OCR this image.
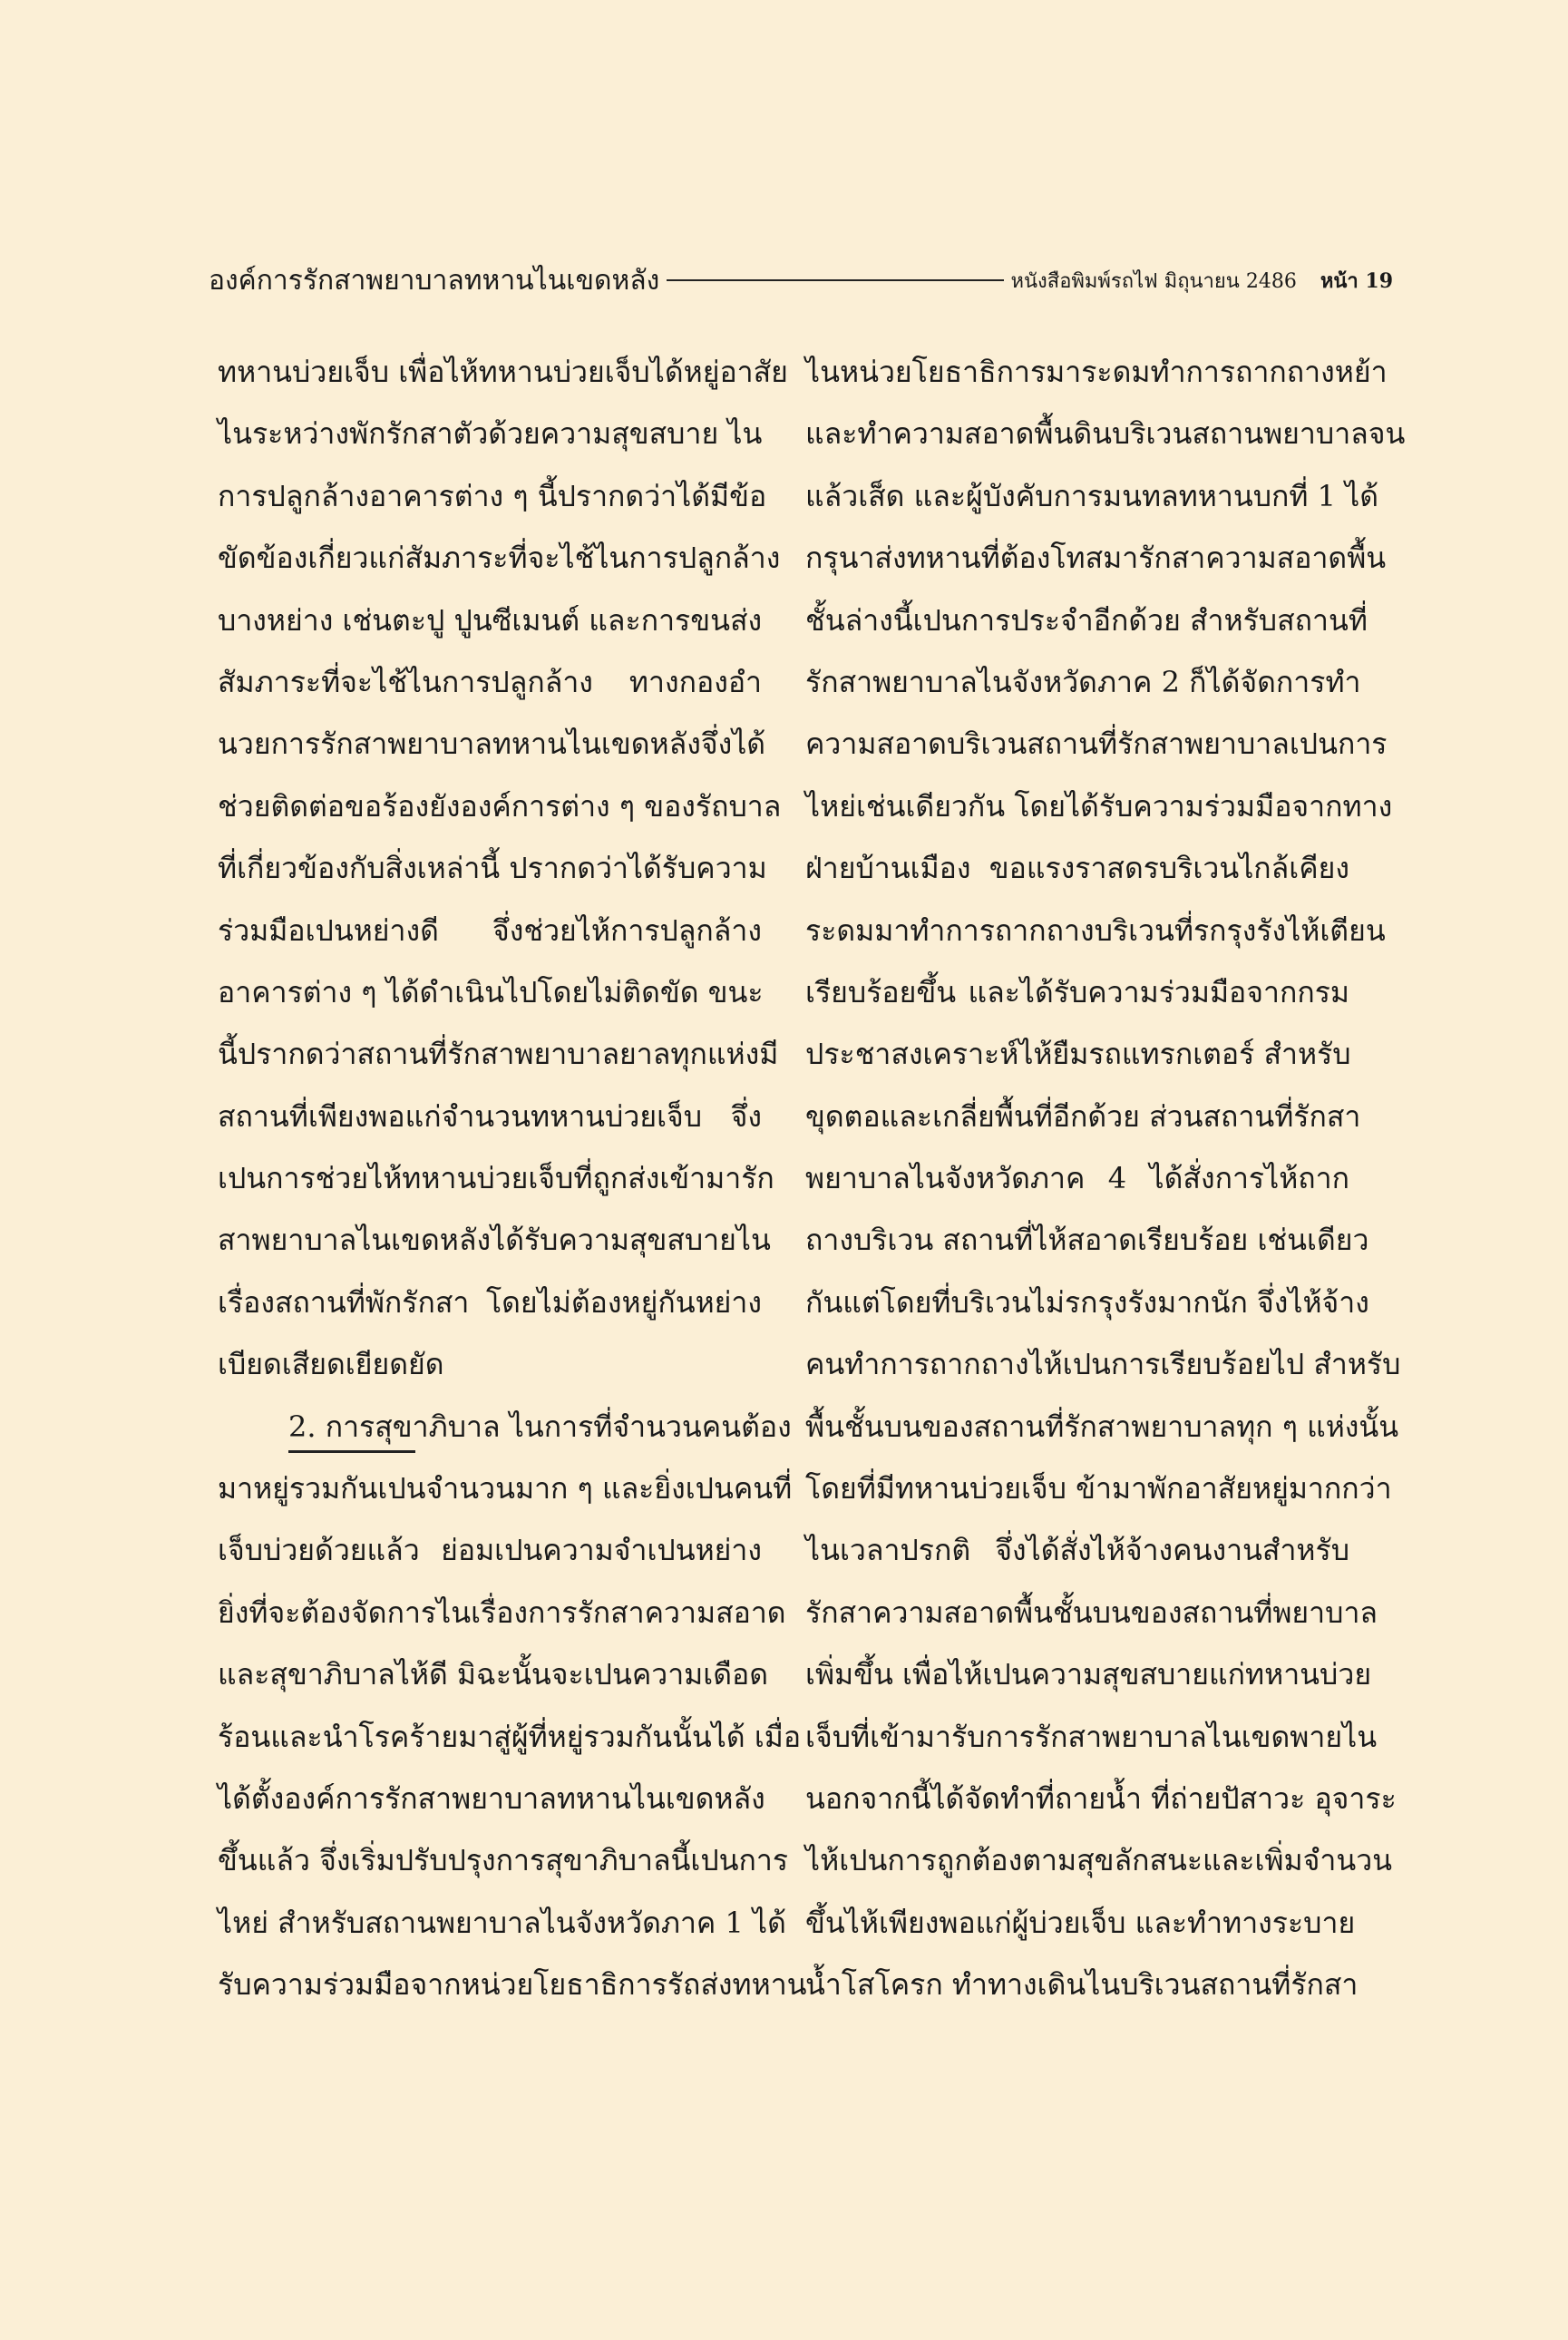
องค์การรักสาพยาบาลทหานไนเขดหลัง	หนังสือพิมพ์รถไฟ มิถุนายน 2486 หน้า 19
ทหานบ่วยเจ็บ เพื่อไห้ทหานบ่วยเจ็บได้หยู่อาสัย
ไนระหว่างพักรักสาตัวด้วยความสุขสบาย ไน
การปลูกล้างอาคารต่าง ๆ นี้ปรากดว่าได้มีข้อ
ขัดข้องเกี่ยวแก่สัมภาระที่จะไช้ไนการปลูกล้าง
บางหย่าง เช่นตะปู ปูนซีเมนต์ และการขนส่ง
สัมภาระที่จะไช้ไนการปลูกล้าง ทางกองอำ
นวยการรักสาพยาบาลทหานไนเขดหลังจึ่งได้
ช่วยติดต่อขอร้องยังองค์การต่าง ๆ ของรัถบาล
ที่เกี่ยวข้องกับสิ่งเหล่านี้ ปรากดว่าได้รับความ
ร่วมมือเปนหย่างดี จึ่งช่วยไห้การปลูกล้าง
อาคารต่าง ๆ ได้ดำเนินไปโดยไม่ติดขัด ขนะ
นี้ปรากดว่าสถานที่รักสาพยาบาลยาลทุกแห่งมี
สถานที่เพียงพอแก่จำนวนทหานบ่วยเจ็บ จึ่ง
เปนการช่วยไห้ทหานบ่วยเจ็บที่ถูกส่งเข้ามารัก
สาพยาบาลไนเขดหลังได้รับความสุขสบายไน
เรื่องสถานที่พักรักสา โดยไม่ต้องหยู่กันหย่าง
เบียดเสียดเยียดยัด
2. การสุขาภิบาล ไนการที่จำนวนคนต้อง
มาหยู่รวมกันเปนจำนวนมาก ๆ และยิ่งเปนคนที่
เจ็บบ่วยด้วยแล้ว ย่อมเปนความจำเปนหย่าง
ยิ่งที่จะต้องจัดการไนเรื่องการรักสาความสอาด
และสุขาภิบาลไห้ดี มิฉะนั้นจะเปนความเดือด
ร้อนและนำโรคร้ายมาสู่ผู้ที่หยู่รวมกันนั้นได้ เมื่อ
ได้ตั้งองค์การรักสาพยาบาลทหานไนเขดหลัง
ขึ้นแล้ว จึ่งเริ่มปรับปรุงการสุขาภิบาลนี้เปนการ
ไหย่ สำหรับสถานพยาบาลไนจังหวัดภาค 1 ได้
รับความร่วมมือจากหน่วยโยธาธิการรัถส่งทหาน
ไนหน่วยโยธาธิการมาระดมทำการถากถางหย้า
และทำความสอาดพื้นดินบริเวนสถานพยาบาลจน
แล้วเส็ด และผู้บังคับการมนทลทหานบกที่ 1 ได้
กรุนาส่งทหานที่ต้องโทสมารักสาความสอาดพื้น
ชั้นล่างนี้เปนการประจำอีกด้วย สำหรับสถานที่
รักสาพยาบาลไนจังหวัดภาค 2 ก็ได้จัดการทำ
ความสอาดบริเวนสถานที่รักสาพยาบาลเปนการ
ไหย่เช่นเดียวกัน โดยได้รับความร่วมมือจากทาง
ฝ่ายบ้านเมือง ขอแรงราสดรบริเวนไกล้เคียง
ระดมมาทำการถากถางบริเวนที่รกรุงรังไห้เตียน
เรียบร้อยขึ้น และได้รับความร่วมมือจากกรม
ประชาสงเคราะห์ไห้ยืมรถแทรกเตอร์ สำหรับ
ขุดตอและเกลี่ยพื้นที่อีกด้วย ส่วนสถานที่รักสา
พยาบาลไนจังหวัดภาค 4 ได้สั่งการไห้ถาก
ถางบริเวน สถานที่ไห้สอาดเรียบร้อย เช่นเดียว
กันแต่โดยที่บริเวนไม่รกรุงรังมากนัก จึ่งไห้จ้าง
คนทำการถากถางไห้เปนการเรียบร้อยไป สำหรับ
พื้นชั้นบนของสถานที่รักสาพยาบาลทุก ๆ แห่งนั้น
โดยที่มีทหานบ่วยเจ็บ ข้ามาพักอาสัยหยู่มากกว่า
ไนเวลาปรกติ จึ่งได้สั่งไห้จ้างคนงานสำหรับ
รักสาความสอาดพื้นชั้นบนของสถานที่พยาบาล
เพิ่มขึ้น เพื่อไห้เปนความสุขสบายแก่ทหานบ่วย
เจ็บที่เข้ามารับการรักสาพยาบาลไนเขดพายไน
นอกจากนี้ได้จัดทำที่ถายน้ำ ที่ถ่ายปัสาวะ อุจาระ
ไห้เปนการถูกต้องตามสุขลักสนะและเพิ่มจำนวน
ขึ้นไห้เพียงพอแก่ผู้บ่วยเจ็บ และทำทางระบาย
น้ำโสโครก ทำทางเดินไนบริเวนสถานที่รักสา
